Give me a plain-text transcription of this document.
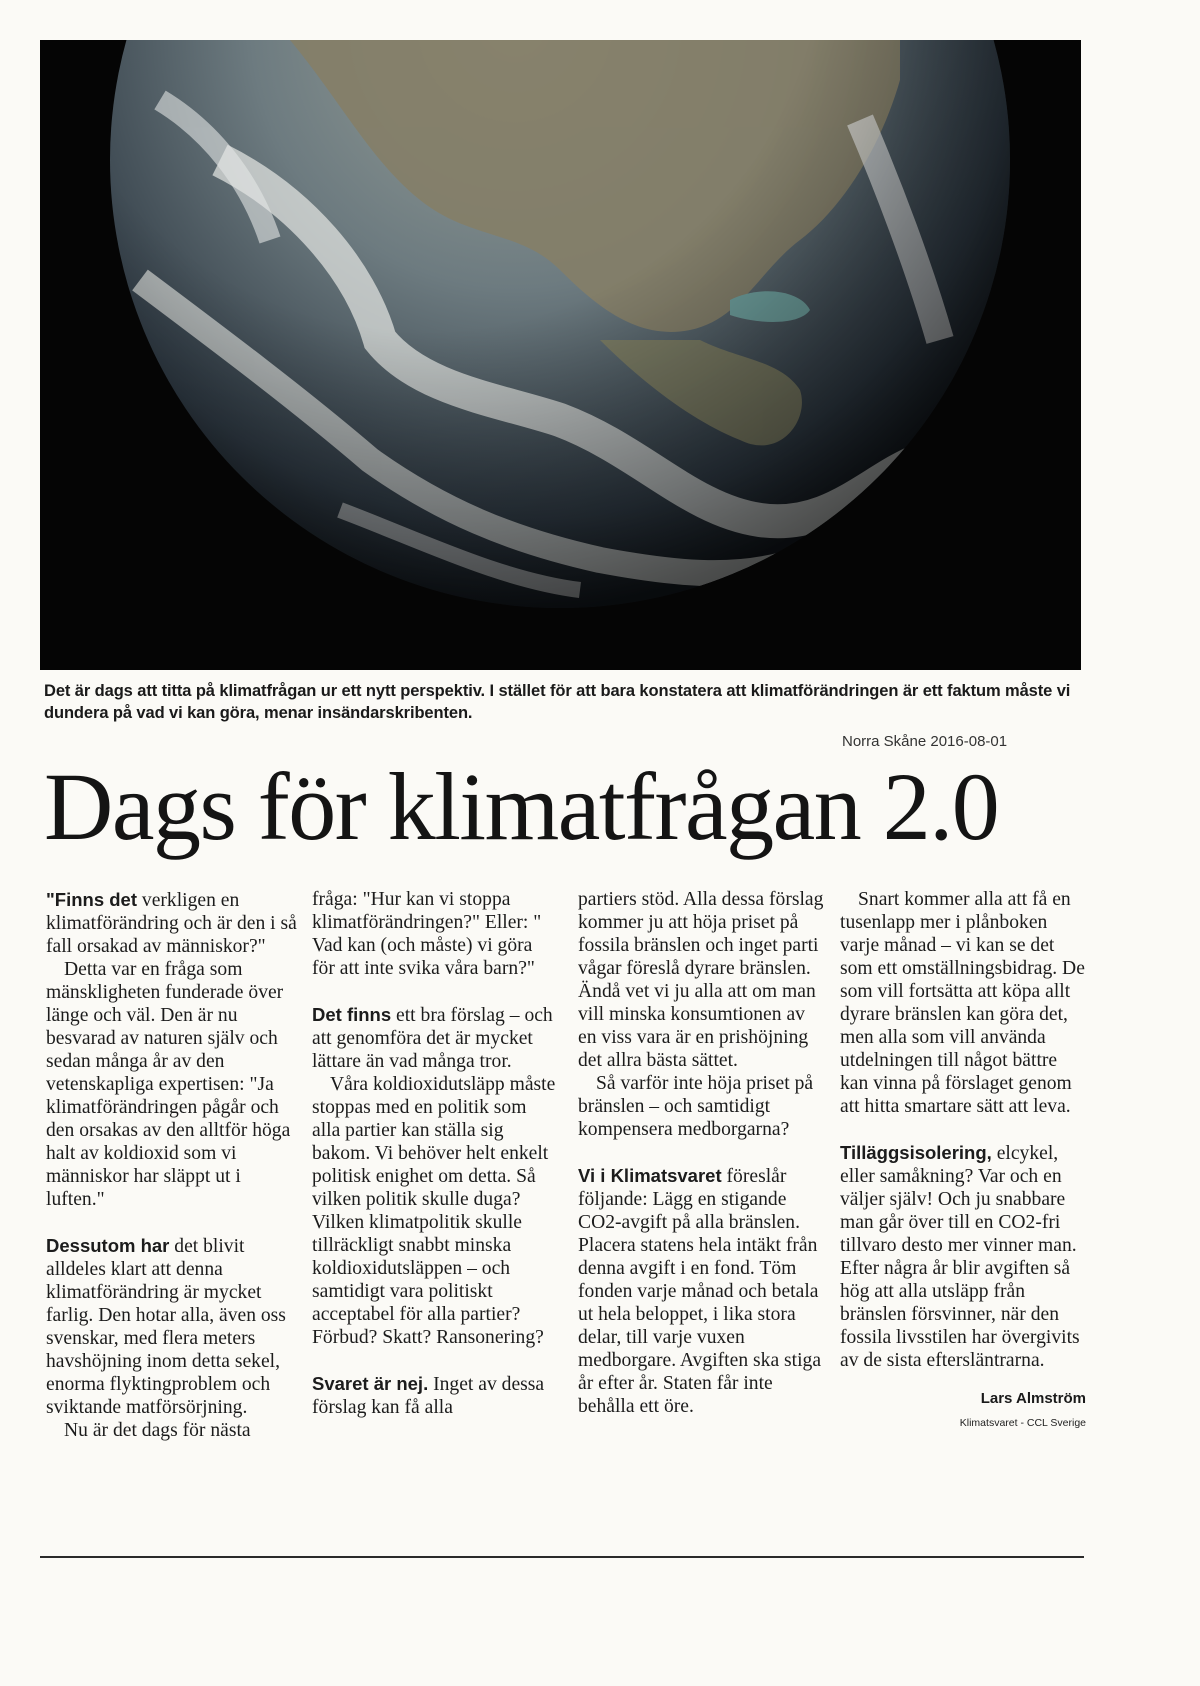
Det är dags att titta på klimatfrågan ur ett nytt perspektiv. I stället för att bara konstatera att klimatförändringen är ett faktum måste vi dundera på vad vi kan göra, menar insändarskribenten.

Norra Skåne 2016-08-01
Dags för klimatfrågan 2.0

"Finns det verkligen en klimatförändring och är den i så fall orsakad av människor?"

Detta var en fråga som mänskligheten funderade över länge och väl. Den är nu besvarad av naturen själv och sedan många år av den vetenskapliga expertisen: "Ja klimatförändringen pågår och den orsakas av den alltför höga halt av koldioxid som vi människor har släppt ut i luften."

Dessutom har det blivit alldeles klart att denna klimatförändring är mycket farlig. Den hotar alla, även oss svenskar, med flera meters havshöjning inom detta sekel, enorma flyktingproblem och sviktande matförsörjning.

Nu är det dags för nästa

fråga: "Hur kan vi stoppa klimatförändringen?" Eller: " Vad kan (och måste) vi göra för att inte svika våra barn?"

Det finns ett bra förslag – och att genomföra det är mycket lättare än vad många tror.

Våra koldioxidutsläpp måste stoppas med en politik som alla partier kan ställa sig bakom. Vi behöver helt enkelt politisk enighet om detta. Så vilken politik skulle duga? Vilken klimatpolitik skulle tillräckligt snabbt minska koldioxidutsläppen – och samtidigt vara politiskt acceptabel för alla partier? Förbud? Skatt? Ransonering?

Svaret är nej. Inget av dessa förslag kan få alla

partiers stöd. Alla dessa förslag kommer ju att höja priset på fossila bränslen och inget parti vågar föreslå dyrare bränslen.

Ändå vet vi ju alla att om man vill minska konsumtionen av en viss vara är en prishöjning det allra bästa sättet.

Så varför inte höja priset på bränslen – och samtidigt kompensera medborgarna?

Vi i Klimatsvaret föreslår följande: Lägg en stigande CO2-avgift på alla bränslen. Placera statens hela intäkt från denna avgift i en fond. Töm fonden varje månad och betala ut hela beloppet, i lika stora delar, till varje vuxen medborgare. Avgiften ska stiga år efter år. Staten får inte behålla ett öre.

Snart kommer alla att få en tusenlapp mer i plånboken varje månad – vi kan se det som ett omställningsbidrag. De som vill fortsätta att köpa allt dyrare bränslen kan göra det, men alla som vill använda utdelningen till något bättre kan vinna på förslaget genom att hitta smartare sätt att leva.

Tilläggsisolering, elcykel, eller samåkning? Var och en väljer själv! Och ju snabbare man går över till en CO2-fri tillvaro desto mer vinner man. Efter några år blir avgiften så hög att alla utsläpp från bränslen försvinner, när den fossila livsstilen har övergivits av de sista eftersläntrarna.

Lars Almström
Klimatsvaret - CCL Sverige
